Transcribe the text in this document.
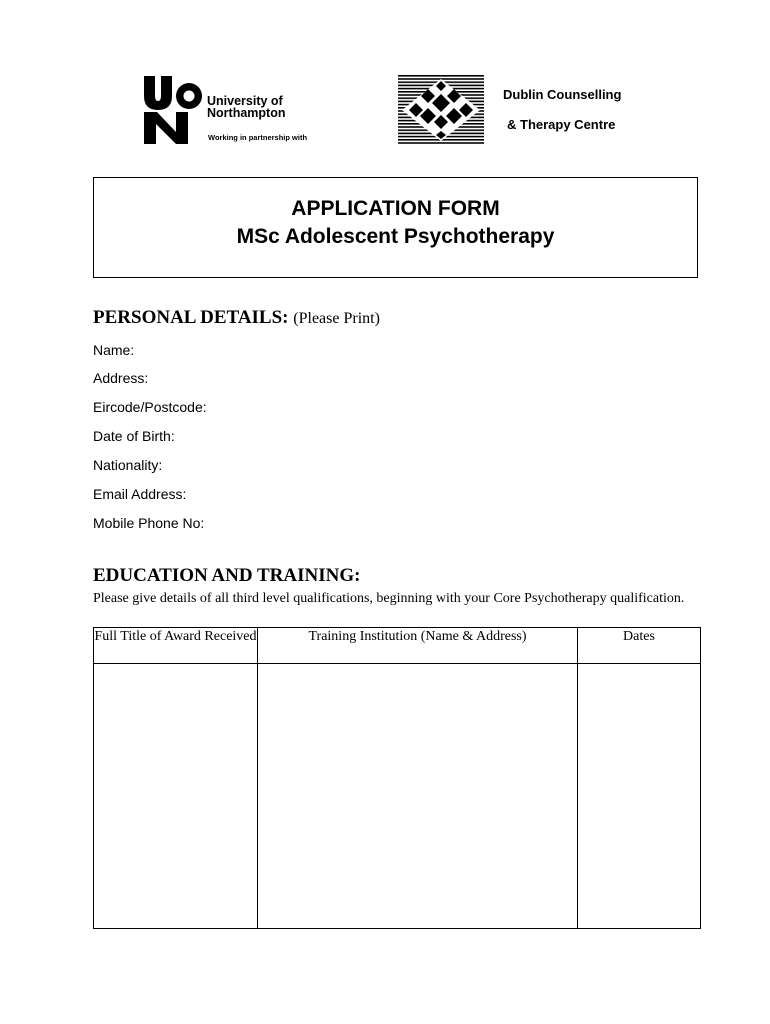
University of
Northampton
Working in partnership with
Dublin Counselling
& Therapy Centre
APPLICATION FORM
MSc Adolescent Psychotherapy
PERSONAL DETAILS: (Please Print)
Name:
Address:
Eircode/Postcode:
Date of Birth:
Nationality:
Email Address:
Mobile Phone No:
EDUCATION AND TRAINING:
Please give details of all third level qualifications, beginning with your Core Psychotherapy qualification.
Full Title of Award Received	Training Institution (Name & Address)	Dates
